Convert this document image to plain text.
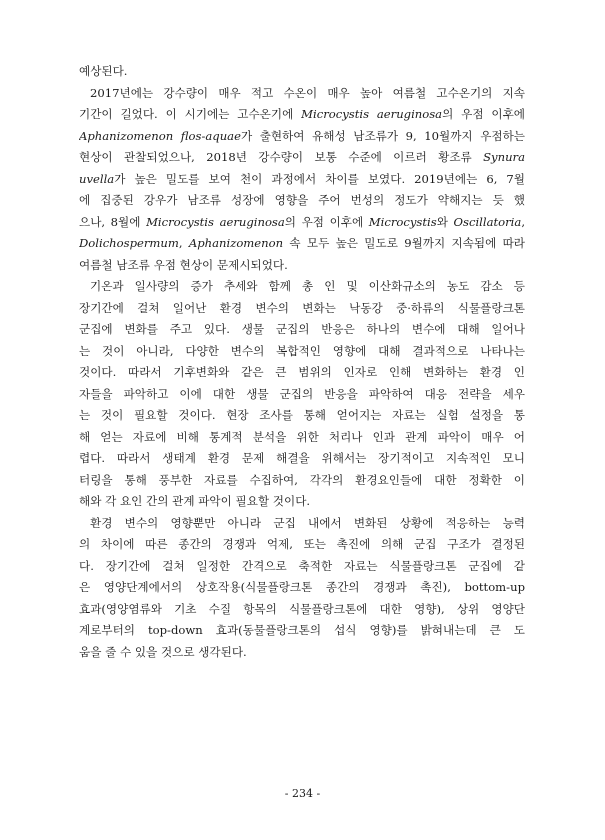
예상된다.
2017년에는 강수량이 매우 적고 수온이 매우 높아 여름철 고수온기의 지속
기간이 길었다. 이 시기에는 고수온기에 Microcystis aeruginosa의 우점 이후에
Aphanizomenon flos-aquae가 출현하여 유해성 남조류가 9, 10월까지 우점하는
현상이 관찰되었으나, 2018년 강수량이 보통 수준에 이르러 황조류 Synura
uvella가 높은 밀도를 보여 천이 과정에서 차이를 보였다. 2019년에는 6, 7월
에 집중된 강우가 남조류 성장에 영향을 주어 번성의 정도가 약해지는 듯 했
으나, 8월에 Microcystis aeruginosa의 우점 이후에 Microcystis와 Oscillatoria,
Dolichospermum, Aphanizomenon 속 모두 높은 밀도로 9월까지 지속됨에 따라
여름철 남조류 우점 현상이 문제시되었다.
기온과 일사량의 증가 추세와 함께 총 인 및 이산화규소의 농도 감소 등
장기간에 걸쳐 일어난 환경 변수의 변화는 낙동강 중·하류의 식물플랑크톤
군집에 변화를 주고 있다. 생물 군집의 반응은 하나의 변수에 대해 일어나
는 것이 아니라, 다양한 변수의 복합적인 영향에 대해 결과적으로 나타나는
것이다. 따라서 기후변화와 같은 큰 범위의 인자로 인해 변화하는 환경 인
자들을 파악하고 이에 대한 생물 군집의 반응을 파악하여 대응 전략을 세우
는 것이 필요할 것이다. 현장 조사를 통해 얻어지는 자료는 실험 설정을 통
해 얻는 자료에 비해 통계적 분석을 위한 처리나 인과 관계 파악이 매우 어
렵다. 따라서 생태계 환경 문제 해결을 위해서는 장기적이고 지속적인 모니
터링을 통해 풍부한 자료를 수집하여, 각각의 환경요인들에 대한 정확한 이
해와 각 요인 간의 관계 파악이 필요할 것이다.
환경 변수의 영향뿐만 아니라 군집 내에서 변화된 상황에 적응하는 능력
의 차이에 따른 종간의 경쟁과 억제, 또는 촉진에 의해 군집 구조가 결정된
다. 장기간에 걸쳐 일정한 간격으로 축적한 자료는 식물플랑크톤 군집에 같
은 영양단계에서의 상호작용(식물플랑크톤 종간의 경쟁과 촉진), bottom-up
효과(영양염류와 기초 수질 항목의 식물플랑크톤에 대한 영향), 상위 영양단
계로부터의 top-down 효과(동물플랑크톤의 섭식 영향)를 밝혀내는데 큰 도
움을 줄 수 있을 것으로 생각된다.
- 234 -
